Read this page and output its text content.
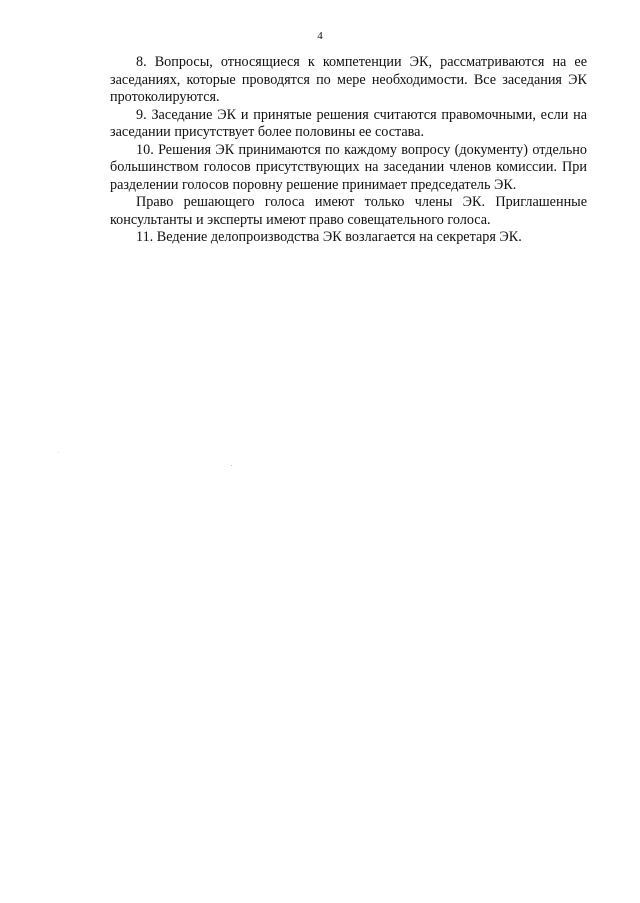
4

8. Вопросы, относящиеся к компетенции ЭК, рассматриваются на ее заседаниях, которые проводятся по мере необходимости. Все заседания ЭК протоколируются.

9. Заседание ЭК и принятые решения считаются правомочными, если на заседании присутствует более половины ее состава.

10. Решения ЭК принимаются по каждому вопросу (документу) отдельно большинством голосов присутствующих на заседании членов комиссии. При разделении голосов поровну решение принимает председатель ЭК.

Право решающего голоса имеют только члены ЭК. Приглашенные консультанты и эксперты имеют право совещательного голоса.

11. Ведение делопроизводства ЭК возлагается на секретаря ЭК.
